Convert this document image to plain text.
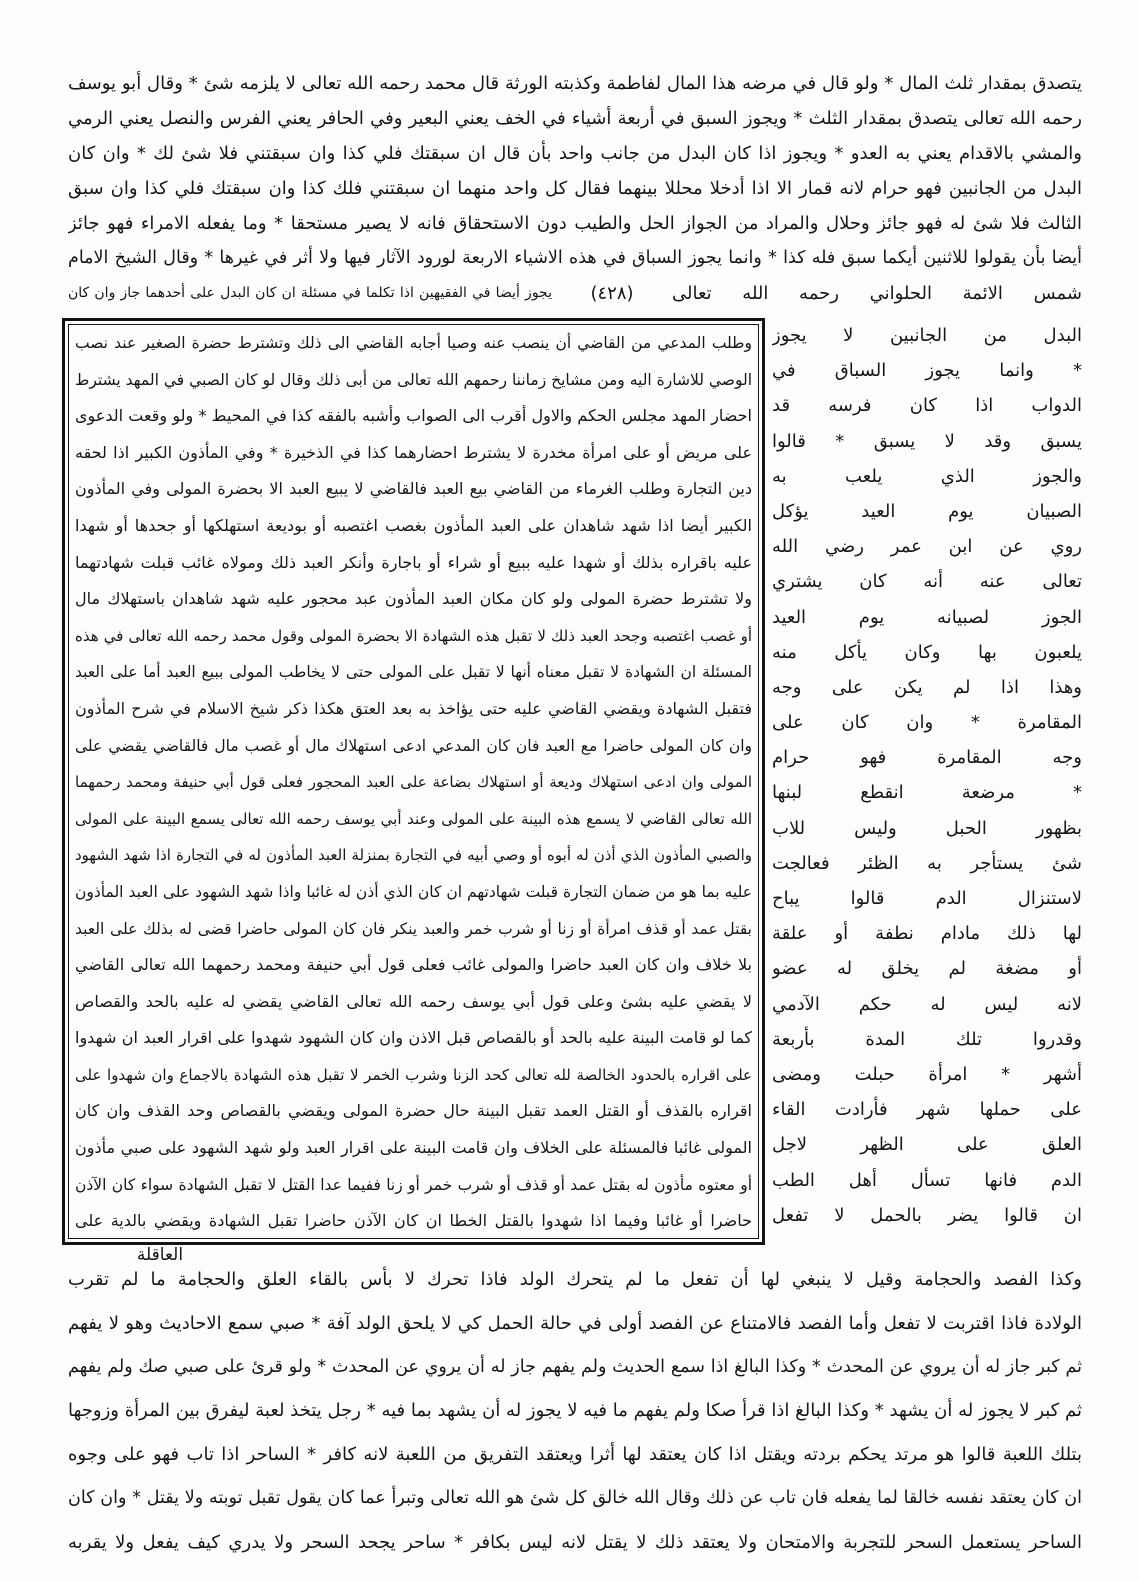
يتصدق بمقدار ثلث المال * ولو قال في مرضه هذا المال لفاطمة وكذبته الورثة قال محمد رحمه الله تعالى لا يلزمه شئ * وقال أبو يوسف
رحمه الله تعالى يتصدق بمقدار الثلث * ويجوز السبق في أربعة أشياء في الخف يعني البعير وفي الحافر يعني الفرس والنصل يعني الرمي
والمشي بالاقدام يعني به العدو * ويجوز اذا كان البدل من جانب واحد بأن قال ان سبقتك فلي كذا وان سبقتني فلا شئ لك * وان كان
البدل من الجانبين فهو حرام لانه قمار الا اذا أدخلا محللا بينهما فقال كل واحد منهما ان سبقتني فلك كذا وان سبقتك فلي كذا وان سبق
الثالث فلا شئ له فهو جائز وحلال والمراد من الجواز الحل والطيب دون الاستحقاق فانه لا يصير مستحقا * وما يفعله الامراء فهو جائز
أيضا بأن يقولوا للاثنين أيكما سبق فله كذا * وانما يجوز السباق في هذه الاشياء الاربعة لورود الآثار فيها ولا أثر في غيرها * وقال الشيخ الامام
شمس الائمة الحلواني رحمه الله تعالى
(٤٢٨)
يجوز أيضا في الفقيهين اذا تكلما في مسئلة ان كان البدل على أحدهما جاز وان كان
وطلب المدعي من القاضي أن ينصب عنه وصيا أجابه القاضي الى ذلك وتشترط حضرة الصغير عند نصب
الوصي للاشارة اليه ومن مشايخ زماننا رحمهم الله تعالى من أبى ذلك وقال لو كان الصبي في المهد يشترط
احضار المهد مجلس الحكم والاول أقرب الى الصواب وأشبه بالفقه كذا في المحيط * ولو وقعت الدعوى
على مريض أو على امرأة مخدرة لا يشترط احضارهما كذا في الذخيرة * وفي المأذون الكبير اذا لحقه
دين التجارة وطلب الغرماء من القاضي بيع العبد فالقاضي لا يبيع العبد الا بحضرة المولى وفي المأذون
الكبير أيضا اذا شهد شاهدان على العبد المأذون بغصب اغتصبه أو بوديعة استهلكها أو جحدها أو شهدا
عليه باقراره بذلك أو شهدا عليه ببيع أو شراء أو باجارة وأنكر العبد ذلك ومولاه غائب قبلت شهادتهما
ولا تشترط حضرة المولى ولو كان مكان العبد المأذون عبد محجور عليه شهد شاهدان باستهلاك مال
أو غصب اغتصبه وجحد العبد ذلك لا تقبل هذه الشهادة الا بحضرة المولى وقول محمد رحمه الله تعالى في هذه
المسئلة ان الشهادة لا تقبل معناه أنها لا تقبل على المولى حتى لا يخاطب المولى ببيع العبد أما على العبد
فتقبل الشهادة ويقضي القاضي عليه حتى يؤاخذ به بعد العتق هكذا ذكر شيخ الاسلام في شرح المأذون
وان كان المولى حاضرا مع العبد فان كان المدعي ادعى استهلاك مال أو غصب مال فالقاضي يقضي على
المولى وان ادعى استهلاك وديعة أو استهلاك بضاعة على العبد المحجور فعلى قول أبي حنيفة ومحمد رحمهما
الله تعالى القاضي لا يسمع هذه البينة على المولى وعند أبي يوسف رحمه الله تعالى يسمع البينة على المولى
والصبي المأذون الذي أذن له أبوه أو وصي أبيه في التجارة بمنزلة العبد المأذون له في التجارة اذا شهد الشهود
عليه بما هو من ضمان التجارة قبلت شهادتهم ان كان الذي أذن له غائبا واذا شهد الشهود على العبد المأذون
بقتل عمد أو قذف امرأة أو زنا أو شرب خمر والعبد ينكر فان كان المولى حاضرا قضى له بذلك على العبد
بلا خلاف وان كان العبد حاضرا والمولى غائب فعلى قول أبي حنيفة ومحمد رحمهما الله تعالى القاضي
لا يقضي عليه بشئ وعلى قول أبي يوسف رحمه الله تعالى القاضي يقضي له عليه بالحد والقصاص
كما لو قامت البينة عليه بالحد أو بالقصاص قبل الاذن وان كان الشهود شهدوا على اقرار العبد ان شهدوا
على اقراره بالحدود الخالصة لله تعالى كحد الزنا وشرب الخمر لا تقبل هذه الشهادة بالاجماع وان شهدوا على
اقراره بالقذف أو القتل العمد تقبل البينة حال حضرة المولى ويقضي بالقصاص وحد القذف وان كان
المولى غائبا فالمسئلة على الخلاف وان قامت البينة على اقرار العبد ولو شهد الشهود على صبي مأذون
أو معتوه مأذون له بقتل عمد أو قذف أو شرب خمر أو زنا ففيما عدا القتل لا تقبل الشهادة سواء كان الآذن
حاضرا أو غائبا وفيما اذا شهدوا بالقتل الخطا ان كان الآذن حاضرا تقبل الشهادة ويقضي بالدية على
البدل من الجانبين لا يجوز
* وانما يجوز السباق في
الدواب اذا كان فرسه قد
يسبق وقد لا يسبق * قالوا
والجوز الذي يلعب به
الصبيان يوم العيد يؤكل
روي عن ابن عمر رضي الله
تعالى عنه أنه كان يشتري
الجوز لصبيانه يوم العيد
يلعبون بها وكان يأكل منه
وهذا اذا لم يكن على وجه
المقامرة * وان كان على
وجه المقامرة فهو حرام
* مرضعة انقطع لبنها
بظهور الحبل وليس للاب
شئ يستأجر به الظئر فعالجت
لاستنزال الدم قالوا يباح
لها ذلك مادام نطفة أو علقة
أو مضغة لم يخلق له عضو
لانه ليس له حكم الآدمي
وقدروا تلك المدة بأربعة
أشهر * امرأة حبلت ومضى
على حملها شهر فأرادت القاء
العلق على الظهر لاجل
الدم فانها تسأل أهل الطب
ان قالوا يضر بالحمل لا تفعل
العاقلة
وكذا الفصد والحجامة وقيل لا ينبغي لها أن تفعل ما لم يتحرك الولد فاذا تحرك لا بأس بالقاء العلق والحجامة ما لم تقرب
الولادة فاذا اقتربت لا تفعل وأما الفصد فالامتناع عن الفصد أولى في حالة الحمل كي لا يلحق الولد آفة * صبي سمع الاحاديث وهو لا يفهم
ثم كبر جاز له أن يروي عن المحدث * وكذا البالغ اذا سمع الحديث ولم يفهم جاز له أن يروي عن المحدث * ولو قرئ على صبي صك ولم يفهم
ثم كبر لا يجوز له أن يشهد * وكذا البالغ اذا قرأ صكا ولم يفهم ما فيه لا يجوز له أن يشهد بما فيه * رجل يتخذ لعبة ليفرق بين المرأة وزوجها
بتلك اللعبة قالوا هو مرتد يحكم بردته ويقتل اذا كان يعتقد لها أثرا ويعتقد التفريق من اللعبة لانه كافر * الساحر اذا تاب فهو على وجوه
ان كان يعتقد نفسه خالقا لما يفعله فان تاب عن ذلك وقال الله خالق كل شئ هو الله تعالى وتبرأ عما كان يقول تقبل توبته ولا يقتل * وان كان
الساحر يستعمل السحر للتجربة والامتحان ولا يعتقد ذلك لا يقتل لانه ليس بكافر * ساحر يجحد السحر ولا يدري كيف يفعل ولا يقربه
